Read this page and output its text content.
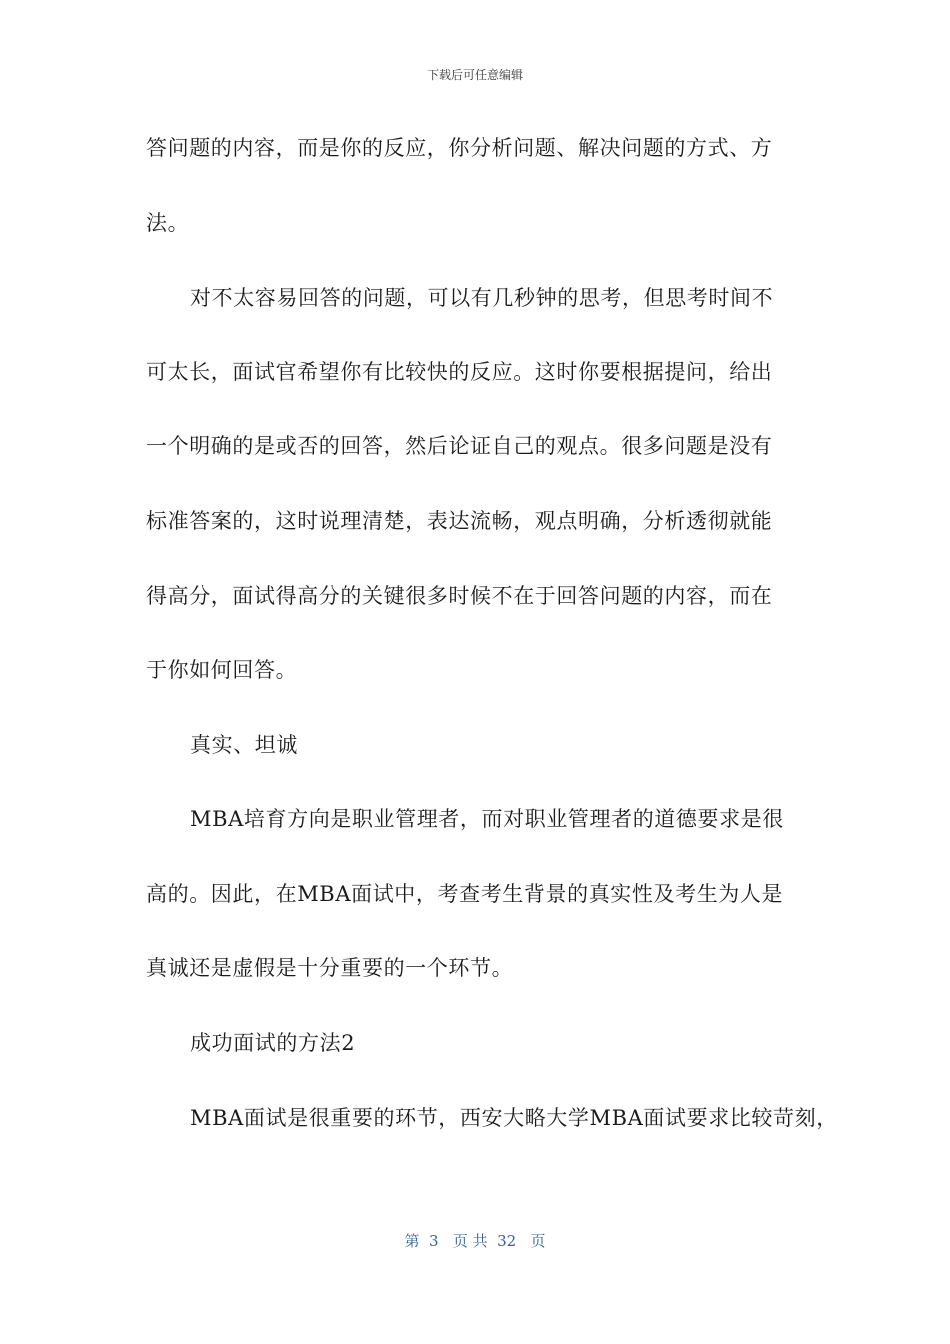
下载后可任意编辑
答问题的内容，而是你的反应，你分析问题、解决问题的方式、方
法。
对不太容易回答的问题，可以有几秒钟的思考，但思考时间不
可太长，面试官希望你有比较快的反应。这时你要根据提问，给出
一个明确的是或否的回答，然后论证自己的观点。很多问题是没有
标准答案的，这时说理清楚，表达流畅，观点明确，分析透彻就能
得高分，面试得高分的关键很多时候不在于回答问题的内容，而在
于你如何回答。
真实、坦诚
MBA培育方向是职业管理者，而对职业管理者的道德要求是很
高的。因此，在MBA面试中，考查考生背景的真实性及考生为人是
真诚还是虚假是十分重要的一个环节。
成功面试的方法2
MBA面试是很重要的环节，西安大略大学MBA面试要求比较苛刻，
第  3   页 共  32   页
